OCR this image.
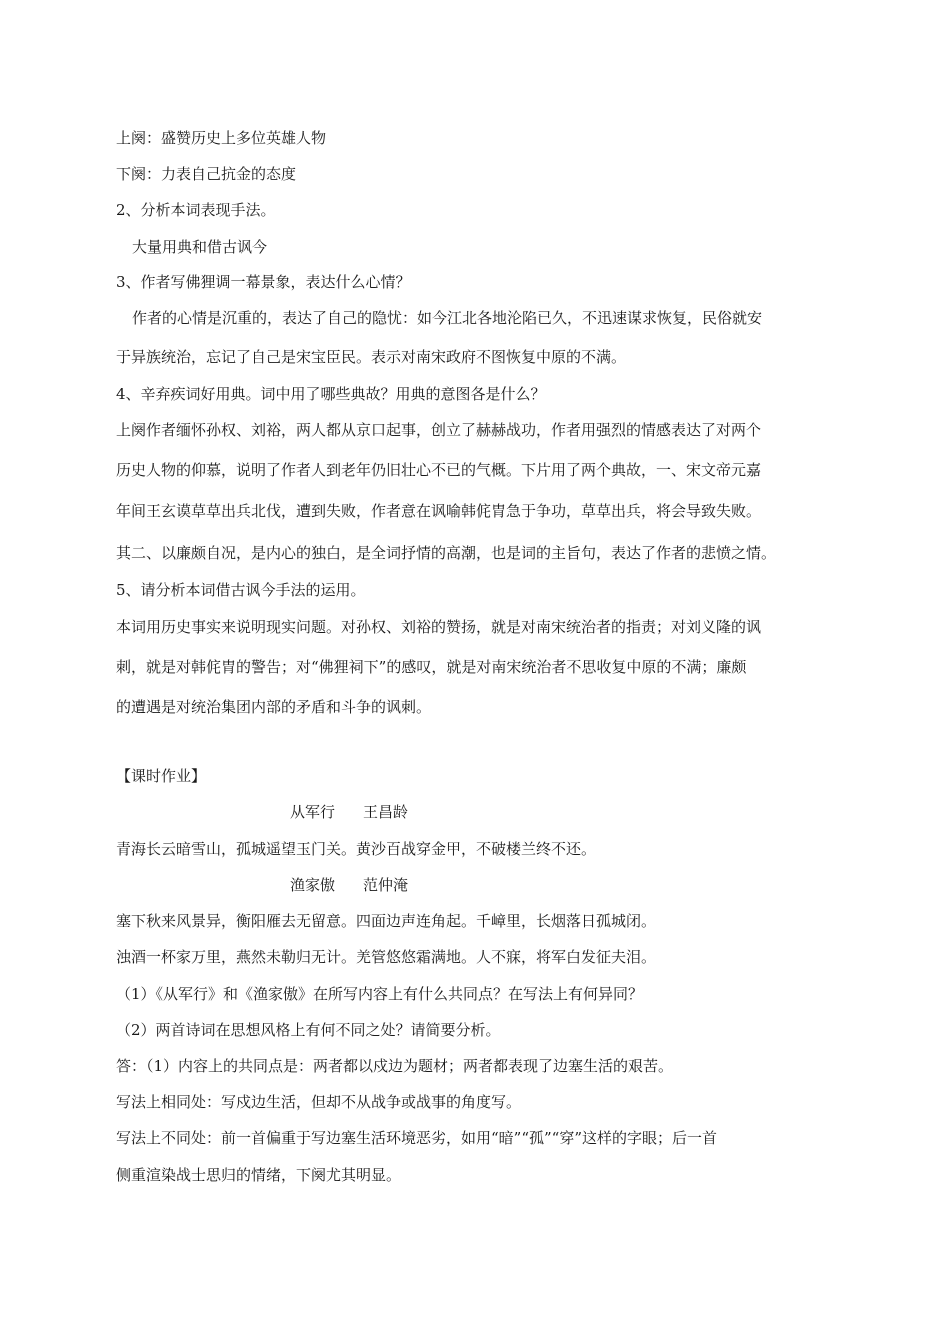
上阕：盛赞历史上多位英雄人物
下阕：力表自己抗金的态度
2、分析本词表现手法。
大量用典和借古讽今
3、作者写佛狸调一幕景象，表达什么心情？
作者的心情是沉重的，表达了自己的隐忧：如今江北各地沦陷已久，不迅速谋求恢复，民俗就安
于异族统治，忘记了自己是宋宝臣民。表示对南宋政府不图恢复中原的不满。
4、辛弃疾词好用典。词中用了哪些典故？用典的意图各是什么？
上阕作者缅怀孙权、刘裕，两人都从京口起事，创立了赫赫战功，作者用强烈的情感表达了对两个
历史人物的仰慕，说明了作者人到老年仍旧壮心不已的气概。下片用了两个典故，一、宋文帝元嘉
年间王玄谟草草出兵北伐，遭到失败，作者意在讽喻韩侂胄急于争功，草草出兵，将会导致失败。
其二、以廉颇自况，是内心的独白，是全词抒情的高潮，也是词的主旨句，表达了作者的悲愤之情。
5、请分析本词借古讽今手法的运用。
本词用历史事实来说明现实问题。对孙权、刘裕的赞扬，就是对南宋统治者的指责；对刘义隆的讽
刺，就是对韩侂胄的警告；对“佛狸祠下”的感叹，就是对南宋统治者不思收复中原的不满；廉颇
的遭遇是对统治集团内部的矛盾和斗争的讽刺。
【课时作业】
从军行 王昌龄
青海长云暗雪山，孤城遥望玉门关。黄沙百战穿金甲，不破楼兰终不还。
渔家傲 范仲淹
塞下秋来风景异，衡阳雁去无留意。四面边声连角起。千嶂里，长烟落日孤城闭。
浊酒一杯家万里，燕然未勒归无计。羌管悠悠霜满地。人不寐，将军白发征夫泪。
（1）《从军行》和《渔家傲》在所写内容上有什么共同点？在写法上有何异同？
（2）两首诗词在思想风格上有何不同之处？请简要分析。
答：（1）内容上的共同点是：两者都以戍边为题材；两者都表现了边塞生活的艰苦。
写法上相同处：写戍边生活，但却不从战争或战事的角度写。
写法上不同处：前一首偏重于写边塞生活环境恶劣，如用“暗”“孤”“穿”这样的字眼；后一首
侧重渲染战士思归的情绪，下阕尤其明显。
